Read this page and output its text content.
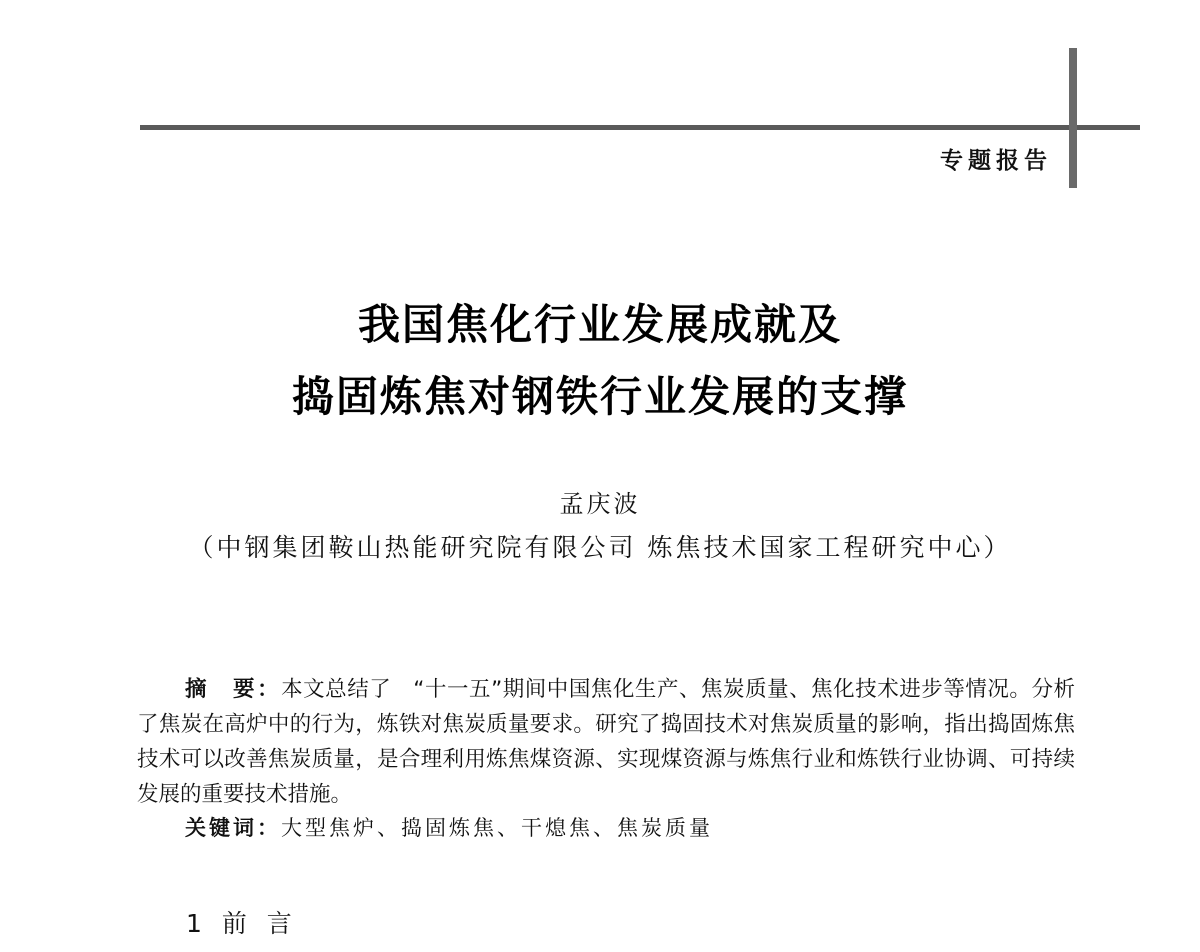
专题报告
我国焦化行业发展成就及
捣固炼焦对钢铁行业发展的支撑
孟庆波
（中钢集团鞍山热能研究院有限公司 炼焦技术国家工程研究中心）

摘　要：本文总结了　“十一五”期间中国焦化生产、焦炭质量、焦化技术进步等情况。分析了焦炭在高炉中的行为，炼铁对焦炭质量要求。研究了捣固技术对焦炭质量的影响，指出捣固炼焦技术可以改善焦炭质量，是合理利用炼焦煤资源、实现煤资源与炼焦行业和炼铁行业协调、可持续发展的重要技术措施。

关键词：大型焦炉、捣固炼焦、干熄焦、焦炭质量
1 前 言
